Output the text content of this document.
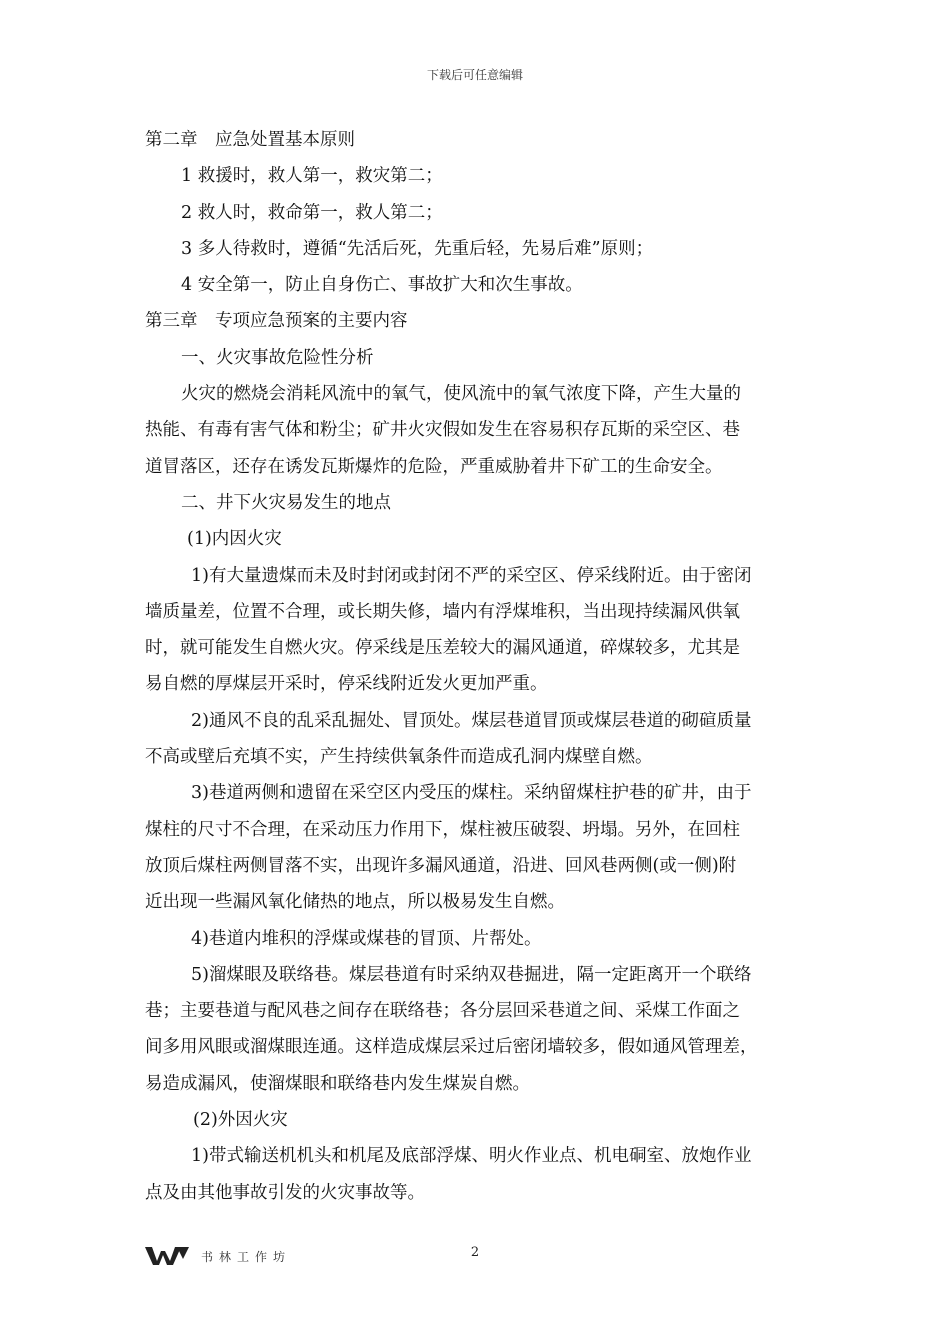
下载后可任意编辑
第二章　应急处置基本原则
1 救援时，救人第一，救灾第二；
2 救人时，救命第一，救人第二；
3 多人待救时，遵循“先活后死，先重后轻，先易后难”原则；
4 安全第一，防止自身伤亡、事故扩大和次生事故。
第三章　专项应急预案的主要内容
一、火灾事故危险性分析
火灾的燃烧会消耗风流中的氧气，使风流中的氧气浓度下降，产生大量的
热能、有毒有害气体和粉尘；矿井火灾假如发生在容易积存瓦斯的采空区、巷
道冒落区，还存在诱发瓦斯爆炸的危险，严重威胁着井下矿工的生命安全。
二、井下火灾易发生的地点
(1)内因火灾
1)有大量遗煤而未及时封闭或封闭不严的采空区、停采线附近。由于密闭
墙质量差，位置不合理，或长期失修，墙内有浮煤堆积，当出现持续漏风供氧
时，就可能发生自燃火灾。停采线是压差较大的漏风通道，碎煤较多，尤其是
易自燃的厚煤层开采时，停采线附近发火更加严重。
2)通风不良的乱采乱掘处、冒顶处。煤层巷道冒顶或煤层巷道的砌碹质量
不高或壁后充填不实，产生持续供氧条件而造成孔洞内煤壁自燃。
3)巷道两侧和遗留在采空区内受压的煤柱。采纳留煤柱护巷的矿井，由于
煤柱的尺寸不合理，在采动压力作用下，煤柱被压破裂、坍塌。另外，在回柱
放顶后煤柱两侧冒落不实，出现许多漏风通道，沿进、回风巷两侧(或一侧)附
近出现一些漏风氧化储热的地点，所以极易发生自燃。
4)巷道内堆积的浮煤或煤巷的冒顶、片帮处。
5)溜煤眼及联络巷。煤层巷道有时采纳双巷掘进，隔一定距离开一个联络
巷；主要巷道与配风巷之间存在联络巷；各分层回采巷道之间、采煤工作面之
间多用风眼或溜煤眼连通。这样造成煤层采过后密闭墙较多，假如通风管理差，
易造成漏风，使溜煤眼和联络巷内发生煤炭自燃。
(2)外因火灾
1)带式输送机机头和机尾及底部浮煤、明火作业点、机电硐室、放炮作业
点及由其他事故引发的火灾事故等。
书林工作坊	2
